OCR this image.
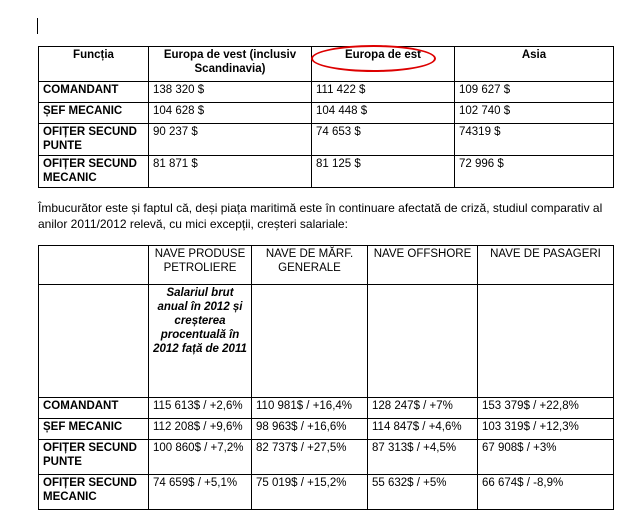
Funcția	Europa de vest (inclusiv Scandinavia)	Europa de est	Asia
COMANDANT	138 320 $	111 422 $	109 627 $
ȘEF MECANIC	104 628 $	104 448 $	102 740 $
OFIȚER SECUND PUNTE	90 237 $	74 653 $	74319 $
OFIȚER SECUND MECANIC	81 871 $	81 125 $	72 996 $
Îmbucurător este și faptul că, deși piața maritimă este în continuare afectată de criză, studiul comparativ al anilor 2011/2012 relevă, cu mici excepții, creșteri salariale:
	NAVE PRODUSE PETROLIERE	NAVE DE MĂRF. GENERALE	NAVE OFFSHORE	NAVE DE PASAGERI
	Salariul brut anual în 2012 și creșterea procentuală în 2012 față de 2011			
COMANDANT	115 613$ / +2,6%	110 981$ / +16,4%	128 247$ / +7%	153 379$ / +22,8%
ȘEF MECANIC	112 208$ / +9,6%	98 963$ / +16,6%	114 847$ / +4,6%	103 319$ / +12,3%
OFIȚER SECUND PUNTE	100 860$ / +7,2%	82 737$ / +27,5%	87 313$ / +4,5%	67 908$ / +3%
OFIȚER SECUND MECANIC	74 659$ / +5,1%	75 019$ / +15,2%	55 632$ / +5%	66 674$ / -8,9%
